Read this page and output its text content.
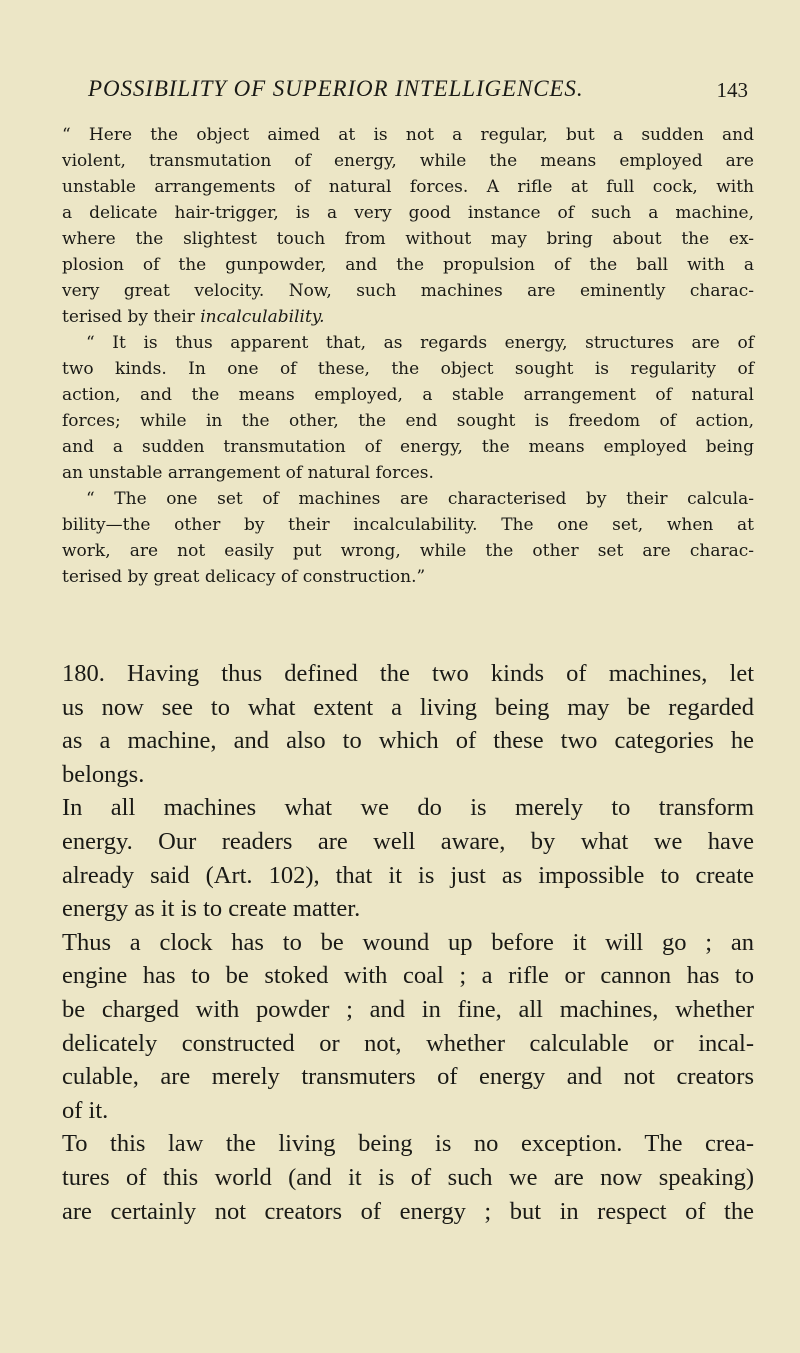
POSSIBILITY OF SUPERIOR INTELLIGENCES.	143
“ Here the object aimed at is not a regular, but a sudden and
violent, transmutation of energy, while the means employed are
unstable arrangements of natural forces. A rifle at full cock, with
a delicate hair-trigger, is a very good instance of such a machine,
where the slightest touch from without may bring about the ex-
plosion of the gunpowder, and the propulsion of the ball with a
very great velocity. Now, such machines are eminently charac-
terised by their incalculability.
“ It is thus apparent that, as regards energy, structures are of
two kinds. In one of these, the object sought is regularity of
action, and the means employed, a stable arrangement of natural
forces; while in the other, the end sought is freedom of action,
and a sudden transmutation of energy, the means employed being
an unstable arrangement of natural forces.
“ The one set of machines are characterised by their calcula-
bility—the other by their incalculability. The one set, when at
work, are not easily put wrong, while the other set are charac-
terised by great delicacy of construction.”
180. Having thus defined the two kinds of machines, let
us now see to what extent a living being may be regarded
as a machine, and also to which of these two categories he
belongs.
In all machines what we do is merely to transform
energy. Our readers are well aware, by what we have
already said (Art. 102), that it is just as impossible to create
energy as it is to create matter.
Thus a clock has to be wound up before it will go ; an
engine has to be stoked with coal ; a rifle or cannon has to
be charged with powder ; and in fine, all machines, whether
delicately constructed or not, whether calculable or incal-
culable, are merely transmuters of energy and not creators
of it.
To this law the living being is no exception. The crea-
tures of this world (and it is of such we are now speaking)
are certainly not creators of energy ; but in respect of the
